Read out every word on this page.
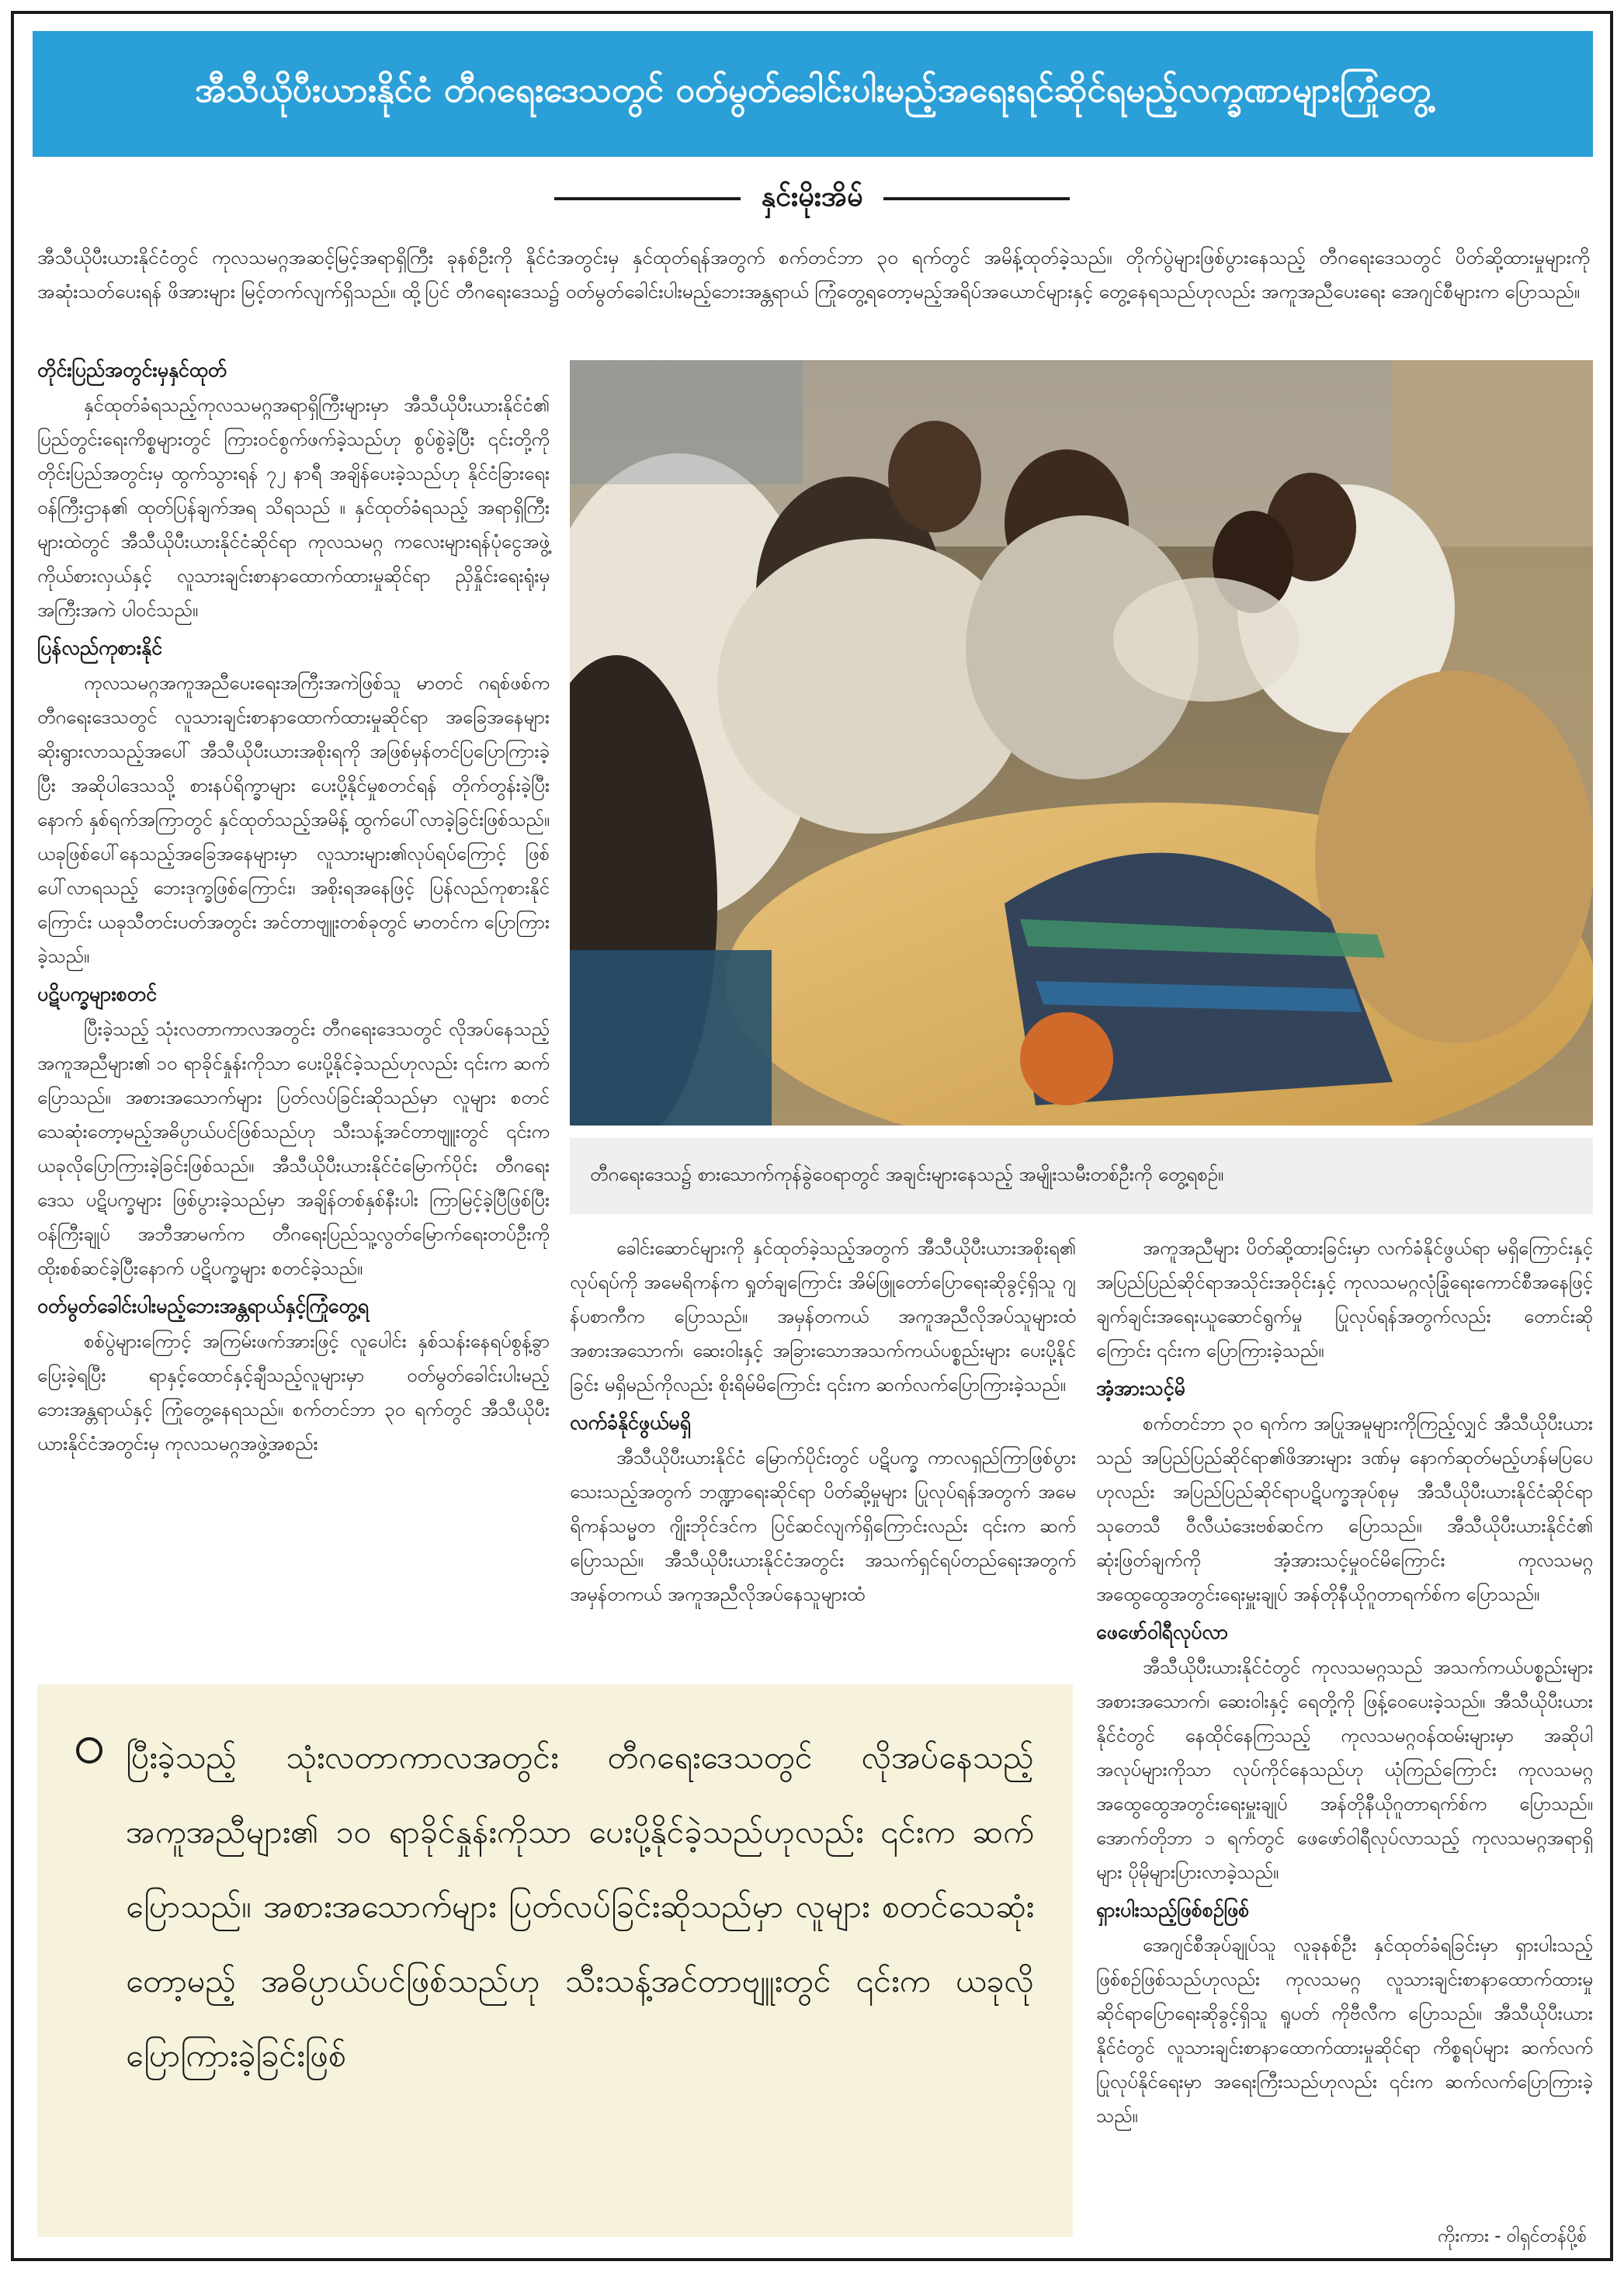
အီသီယိုပီးယားနိုင်ငံ တီဂရေးဒေသတွင် ဝတ်မွတ်ခေါင်းပါးမည့်အရေးရင်ဆိုင်ရမည့်လက္ခဏာများကြုံတွေ့
နှင်းမိုးအိမ်
အီသီယိုပီးယားနိုင်ငံတွင် ကုလသမဂ္ဂအဆင့်မြင့်အရာရှိကြီး ခုနစ်ဦးကို နိုင်ငံအတွင်းမှ နှင်ထုတ်ရန်အတွက် စက်တင်ဘာ ၃၀ ရက်တွင် အမိန့်ထုတ်ခဲ့သည်။ တိုက်ပွဲများဖြစ်ပွားနေသည့် တီဂရေးဒေသတွင် ပိတ်ဆို့ထားမှုများကို အဆုံးသတ်ပေးရန် ဖိအားများ မြင့်တက်လျက်ရှိသည်။ ထို့ပြင် တီဂရေးဒေသ၌ ဝတ်မွတ်ခေါင်းပါးမည့်ဘေးအန္တရာယ် ကြုံတွေ့ရတော့မည့်အရိပ်အယောင်များနှင့် တွေ့နေရသည်ဟုလည်း အကူအညီပေးရေး အေဂျင်စီများက ပြောသည်။
တိုင်းပြည်အတွင်းမှနှင်ထုတ်

နှင်ထုတ်ခံရသည့်ကုလသမဂ္ဂအရာရှိကြီးများမှာ အီသီယိုပီးယားနိုင်ငံ၏ ပြည်တွင်းရေးကိစ္စများတွင် ကြားဝင်စွက်ဖက်ခဲ့သည်ဟု စွပ်စွဲခဲ့ပြီး ၎င်းတို့ကို တိုင်းပြည်အတွင်းမှ ထွက်သွားရန် ၇၂ နာရီ အချိန်ပေးခဲ့သည်ဟု နိုင်ငံခြားရေးဝန်ကြီးဌာန၏ ထုတ်ပြန်ချက်အရ သိရသည် ။ နှင်ထုတ်ခံရသည့် အရာရှိကြီးများထဲတွင် အီသီယိုပီးယားနိုင်ငံဆိုင်ရာ ကုလသမဂ္ဂ ကလေးများရန်ပုံငွေအဖွဲ့ ကိုယ်စားလှယ်နှင့် လူသားချင်းစာနာထောက်ထားမှုဆိုင်ရာ ညှိနှိုင်းရေးရုံးမှ အကြီးအကဲ ပါဝင်သည်။

ပြန်လည်ကုစားနိုင်

ကုလသမဂ္ဂအကူအညီပေးရေးအကြီးအကဲဖြစ်သူ မာတင် ဂရစ်ဖစ်က တီဂရေးဒေသတွင် လူသားချင်းစာနာထောက်ထားမှုဆိုင်ရာ အခြေအနေများ ဆိုးရွားလာသည့်အပေါ် အီသီယိုပီးယားအစိုးရကို အဖြစ်မှန်တင်ပြပြောကြားခဲ့ပြီး အဆိုပါဒေသသို့ စားနပ်ရိက္ခာများ ပေးပို့နိုင်မှုစတင်ရန် တိုက်တွန်းခဲ့ပြီးနောက် နှစ်ရက်အကြာတွင် နှင်ထုတ်သည့်အမိန့် ထွက်ပေါ်လာခဲ့ခြင်းဖြစ်သည်။ ယခုဖြစ်ပေါ်နေသည့်အခြေအနေများမှာ လူသားများ၏လုပ်ရပ်ကြောင့် ဖြစ်ပေါ်လာရသည့် ဘေးဒုက္ခဖြစ်ကြောင်း၊ အစိုးရအနေဖြင့် ပြန်လည်ကုစားနိုင်ကြောင်း ယခုသီတင်းပတ်အတွင်း အင်တာဗျူးတစ်ခုတွင် မာတင်က ပြောကြားခဲ့သည်။

ပဋိပက္ခများစတင်

ပြီးခဲ့သည့် သုံးလတာကာလအတွင်း တီဂရေးဒေသတွင် လိုအပ်နေသည့်အကူအညီများ၏ ၁၀ ရာခိုင်နှုန်းကိုသာ ပေးပို့နိုင်ခဲ့သည်ဟုလည်း ၎င်းက ဆက်ပြောသည်။ အစားအသောက်များ ပြတ်လပ်ခြင်းဆိုသည်မှာ လူများ စတင်သေဆုံးတော့မည့်အဓိပ္ပာယ်ပင်ဖြစ်သည်ဟု သီးသန့်အင်တာဗျူးတွင် ၎င်းက ယခုလိုပြောကြားခဲ့ခြင်းဖြစ်သည်။ အီသီယိုပီးယားနိုင်ငံမြောက်ပိုင်း တီဂရေးဒေသ ပဋိပက္ခများ ဖြစ်ပွားခဲ့သည်မှာ အချိန်တစ်နှစ်နီးပါး ကြာမြင့်ခဲ့ပြီဖြစ်ပြီး ဝန်ကြီးချုပ် အဘီအာမက်က တီဂရေးပြည်သူ့လွတ်မြောက်ရေးတပ်ဦးကို ထိုးစစ်ဆင်ခဲ့ပြီးနောက် ပဋိပက္ခများ စတင်ခဲ့သည်။

ဝတ်မွတ်ခေါင်းပါးမည့်ဘေးအန္တရာယ်နှင့်ကြုံတွေ့ရ

စစ်ပွဲများကြောင့် အကြမ်းဖက်အားဖြင့် လူပေါင်း နှစ်သန်းနေရပ်စွန့်ခွာပြေးခဲ့ရပြီး ရာနှင့်ထောင်နှင့်ချီသည့်လူများမှာ ဝတ်မွတ်ခေါင်းပါးမည့်ဘေးအန္တရာယ်နှင့် ကြုံတွေ့နေရသည်။ စက်တင်ဘာ ၃၀ ရက်တွင် အီသီယိုပီးယားနိုင်ငံအတွင်းမှ ကုလသမဂ္ဂအဖွဲ့အစည်း

တီဂရေးဒေသ၌ စားသောက်ကုန်ခွဲဝေရာတွင် အချင်းများနေသည့် အမျိုးသမီးတစ်ဦးကို တွေ့ရစဉ်။

ခေါင်းဆောင်များကို နှင်ထုတ်ခဲ့သည့်အတွက် အီသီယိုပီးယားအစိုးရ၏ လုပ်ရပ်ကို အမေရိကန်က ရှုတ်ချကြောင်း အိမ်ဖြူတော်ပြောရေးဆိုခွင့်ရှိသူ ဂျန်ပစာကီက ပြောသည်။ အမှန်တကယ် အကူအညီလိုအပ်သူများထံ အစားအသောက်၊ ဆေးဝါးနှင့် အခြားသောအသက်ကယ်ပစ္စည်းများ ပေးပို့နိုင်ခြင်း မရှိမည်ကိုလည်း စိုးရိမ်မိကြောင်း ၎င်းက ဆက်လက်ပြောကြားခဲ့သည်။

လက်ခံနိုင်ဖွယ်မရှိ

အီသီယိုပီးယားနိုင်ငံ မြောက်ပိုင်းတွင် ပဋိပက္ခ ကာလရှည်ကြာဖြစ်ပွားသေးသည့်အတွက် ဘဏ္ဍာရေးဆိုင်ရာ ပိတ်ဆို့မှုများ ပြုလုပ်ရန်အတွက် အမေရိကန်သမ္မတ ဂျိုးဘိုင်ဒင်က ပြင်ဆင်လျက်ရှိကြောင်းလည်း ၎င်းက ဆက်ပြောသည်။ အီသီယိုပီးယားနိုင်ငံအတွင်း အသက်ရှင်ရပ်တည်ရေးအတွက် အမှန်တကယ် အကူအညီလိုအပ်နေသူများထံ

အကူအညီများ ပိတ်ဆို့ထားခြင်းမှာ လက်ခံနိုင်ဖွယ်ရာ မရှိကြောင်းနှင့် အပြည်ပြည်ဆိုင်ရာအသိုင်းအဝိုင်းနှင့် ကုလသမဂ္ဂလုံခြုံရေးကောင်စီအနေဖြင့် ချက်ချင်းအရေးယူဆောင်ရွက်မှု ပြုလုပ်ရန်အတွက်လည်း တောင်းဆိုကြောင်း ၎င်းက ပြောကြားခဲ့သည်။

အံ့အားသင့်မိ

စက်တင်ဘာ ၃၀ ရက်က အပြုအမူများကိုကြည့်လျှင် အီသီယိုပီးယားသည် အပြည်ပြည်ဆိုင်ရာ၏ဖိအားများ ဒဏ်မှ နောက်ဆုတ်မည့်ဟန်မပြပေ ဟုလည်း အပြည်ပြည်ဆိုင်ရာပဋိပက္ခအုပ်စုမှ အီသီယိုပီးယားနိုင်ငံဆိုင်ရာ သုတေသီ ဝီလီယံဒေးဗစ်ဆင်က ပြောသည်။ အီသီယိုပီးယားနိုင်ငံ၏ ဆုံးဖြတ်ချက်ကို အံ့အားသင့်မှုဝင်မိကြောင်း ကုလသမဂ္ဂအထွေထွေအတွင်းရေးမှူးချုပ် အန်တိုနီယိုဂူတာရက်စ်က ပြောသည်။

ဖေဖော်ဝါရီလုပ်လာ

အီသီယိုပီးယားနိုင်ငံတွင် ကုလသမဂ္ဂသည် အသက်ကယ်ပစ္စည်းများ အစားအသောက်၊ ဆေးဝါးနှင့် ရေတို့ကို ဖြန့်ဝေပေးခဲ့သည်။ အီသီယိုပီးယားနိုင်ငံတွင် နေထိုင်နေကြသည့် ကုလသမဂ္ဂဝန်ထမ်းများမှာ အဆိုပါ အလုပ်များကိုသာ လုပ်ကိုင်နေသည်ဟု ယုံကြည်ကြောင်း ကုလသမဂ္ဂအထွေထွေအတွင်းရေးမှူးချုပ် အန်တိုနီယိုဂူတာရက်စ်က ပြောသည်။ အောက်တိုဘာ ၁ ရက်တွင် ဖေဖော်ဝါရီလုပ်လာသည့် ကုလသမဂ္ဂအရာရှိများ ပိုမိုများပြားလာခဲ့သည်။

ရှားပါးသည့်ဖြစ်စဉ်ဖြစ်

အေဂျင်စီအုပ်ချုပ်သူ လူခုနစ်ဦး နှင်ထုတ်ခံရခြင်းမှာ ရှားပါးသည့်ဖြစ်စဉ်ဖြစ်သည်ဟုလည်း ကုလသမဂ္ဂ လူသားချင်းစာနာထောက်ထားမှုဆိုင်ရာပြောရေးဆိုခွင့်ရှိသူ ရူပတ် ကိုဗီလီက ပြောသည်။ အီသီယိုပီးယားနိုင်ငံတွင် လူသားချင်းစာနာထောက်ထားမှုဆိုင်ရာ ကိစ္စရပ်များ ဆက်လက်ပြုလုပ်နိုင်ရေးမှာ အရေးကြီးသည်ဟုလည်း ၎င်းက ဆက်လက်ပြောကြားခဲ့သည်။

ပြီးခဲ့သည့် သုံးလတာကာလအတွင်း တီဂရေးဒေသတွင် လိုအပ်နေသည့်အကူအညီများ၏ ၁၀ ရာခိုင်နှုန်းကိုသာ ပေးပို့နိုင်ခဲ့သည်ဟုလည်း ၎င်းက ဆက်ပြောသည်။ အစားအသောက်များ ပြတ်လပ်ခြင်းဆိုသည်မှာ လူများ စတင်သေဆုံးတော့မည့် အဓိပ္ပာယ်ပင်ဖြစ်သည်ဟု သီးသန့်အင်တာဗျူးတွင် ၎င်းက ယခုလို ပြောကြားခဲ့ခြင်းဖြစ်
ကိုးကား - ဝါရှင်တန်ပို့စ်
